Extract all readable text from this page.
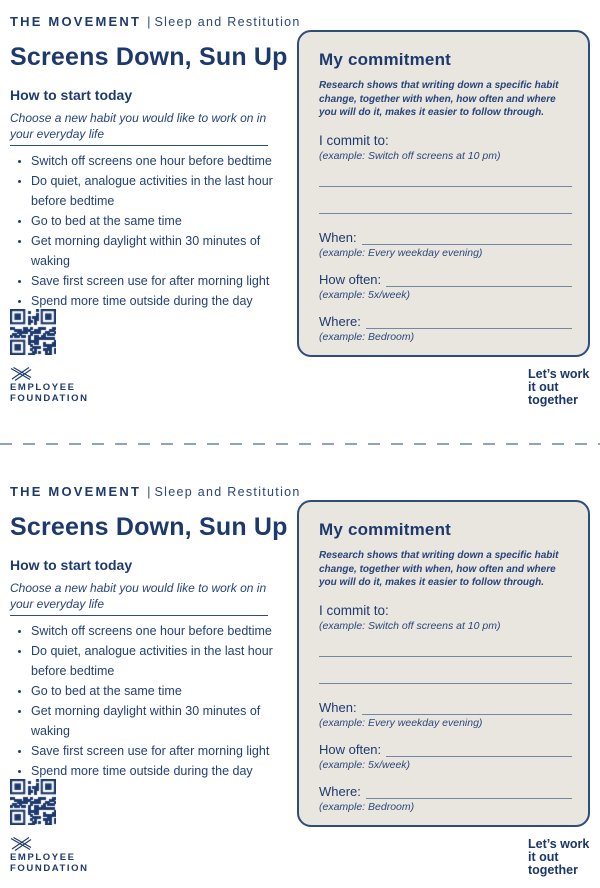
THE MOVEMENT | Sleep and Restitution
Screens Down, Sun Up
How to start today
Choose a new habit you would like to work on in your everyday life
• Switch off screens one hour before bedtime
• Do quiet, analogue activities in the last hour before bedtime
• Go to bed at the same time
• Get morning daylight within 30 minutes of waking
• Save first screen use for after morning light
• Spend more time outside during the day
EMPLOYEE
FOUNDATION
My commitment
Research shows that writing down a specific habit change, together with when, how often and where you will do it, makes it easier to follow through.
I commit to:
(example: Switch off screens at 10 pm)
When:
(example: Every weekday evening)
How often:
(example: 5x/week)
Where:
(example: Bedroom)
Let’s work
it out
together
THE MOVEMENT | Sleep and Restitution
Screens Down, Sun Up
How to start today
Choose a new habit you would like to work on in your everyday life
• Switch off screens one hour before bedtime
• Do quiet, analogue activities in the last hour before bedtime
• Go to bed at the same time
• Get morning daylight within 30 minutes of waking
• Save first screen use for after morning light
• Spend more time outside during the day
EMPLOYEE
FOUNDATION
My commitment
Research shows that writing down a specific habit change, together with when, how often and where you will do it, makes it easier to follow through.
I commit to:
(example: Switch off screens at 10 pm)
When:
(example: Every weekday evening)
How often:
(example: 5x/week)
Where:
(example: Bedroom)
Let’s work
it out
together
